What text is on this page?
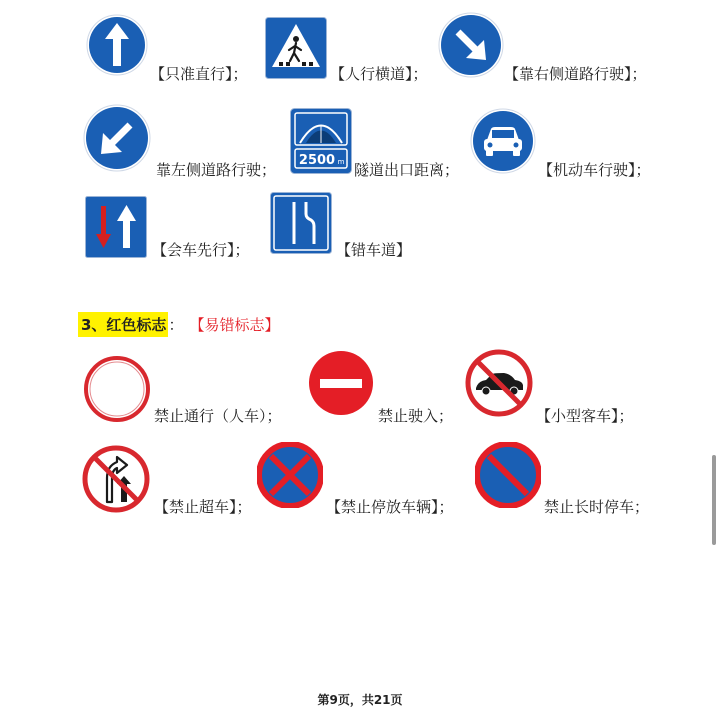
【只准直行】；	【人行横道】；	【靠右侧道路行驶】；
靠左侧道路行驶；
2500 m 隧道出口距离；	【机动车行驶】；
【会车先行】；	【错车道】
3、红色标志 ： 【易错标志】
禁止通行（人车）；	禁止驶入；	【小型客车】；
【禁止超车】；	【禁止停放车辆】；	禁止长时停车；
第9页，共21页
